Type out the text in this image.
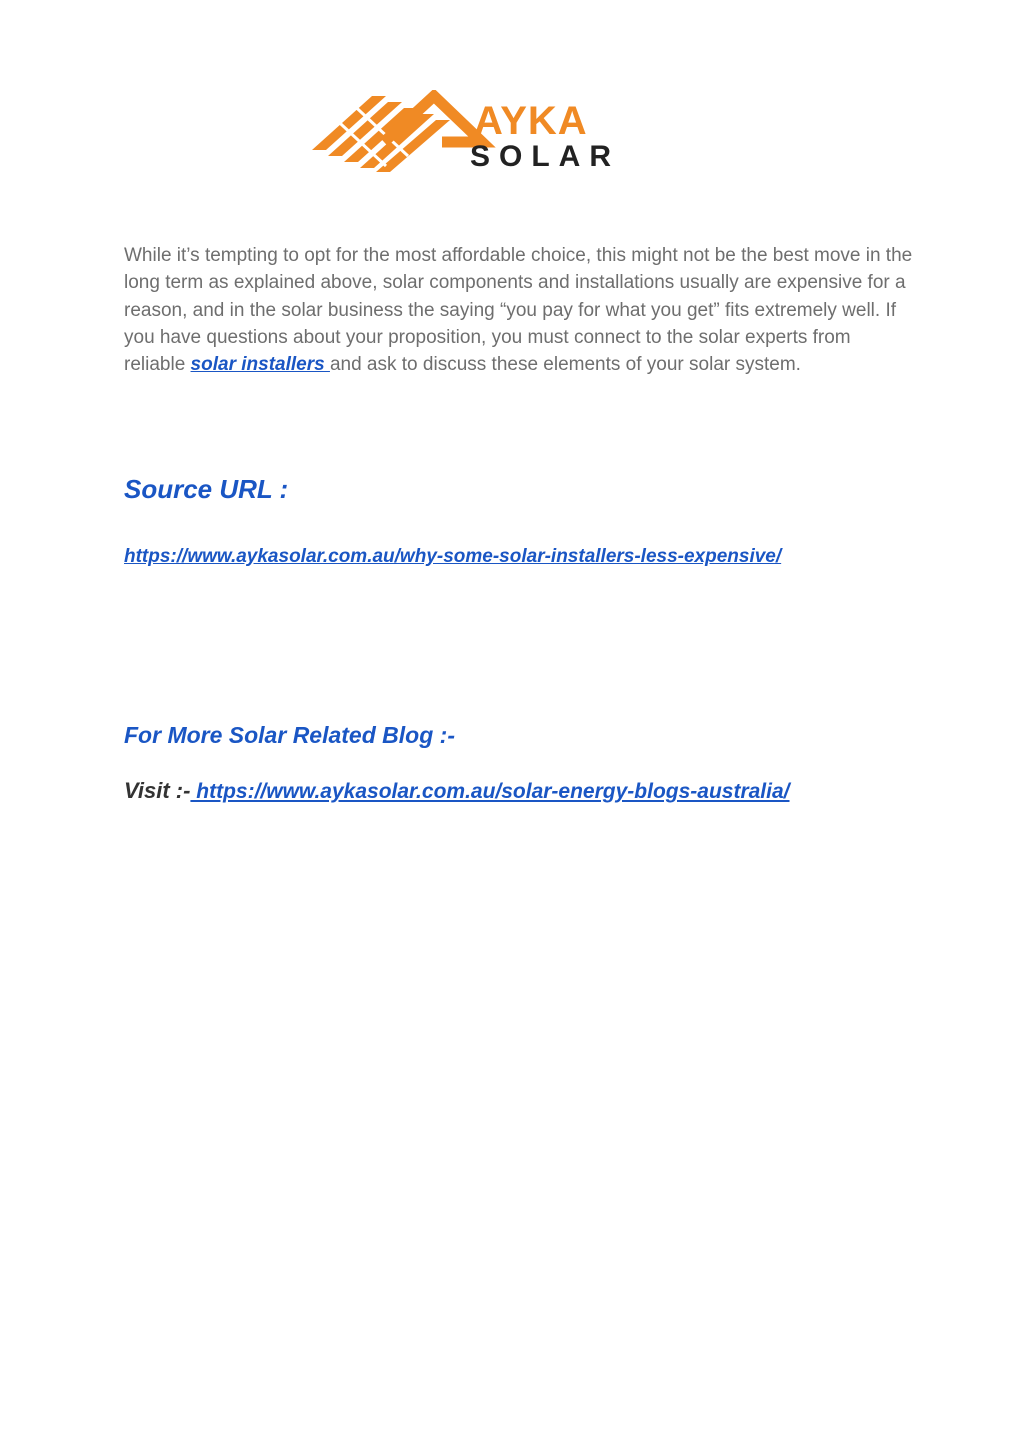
AYKA
SOLAR

While it’s tempting to opt for the most affordable choice, this might not be the best move in the long term as explained above, solar components and installations usually are expensive for a reason, and in the solar business the saying “you pay for what you get” fits extremely well. If you have questions about your proposition, you must connect to the solar experts from reliable solar installers and ask to discuss these elements of your solar system.

Source URL :
https://www.aykasolar.com.au/why-some-solar-installers-less-expensive/
For More Solar Related Blog :-
Visit :- https://www.aykasolar.com.au/solar-energy-blogs-australia/
